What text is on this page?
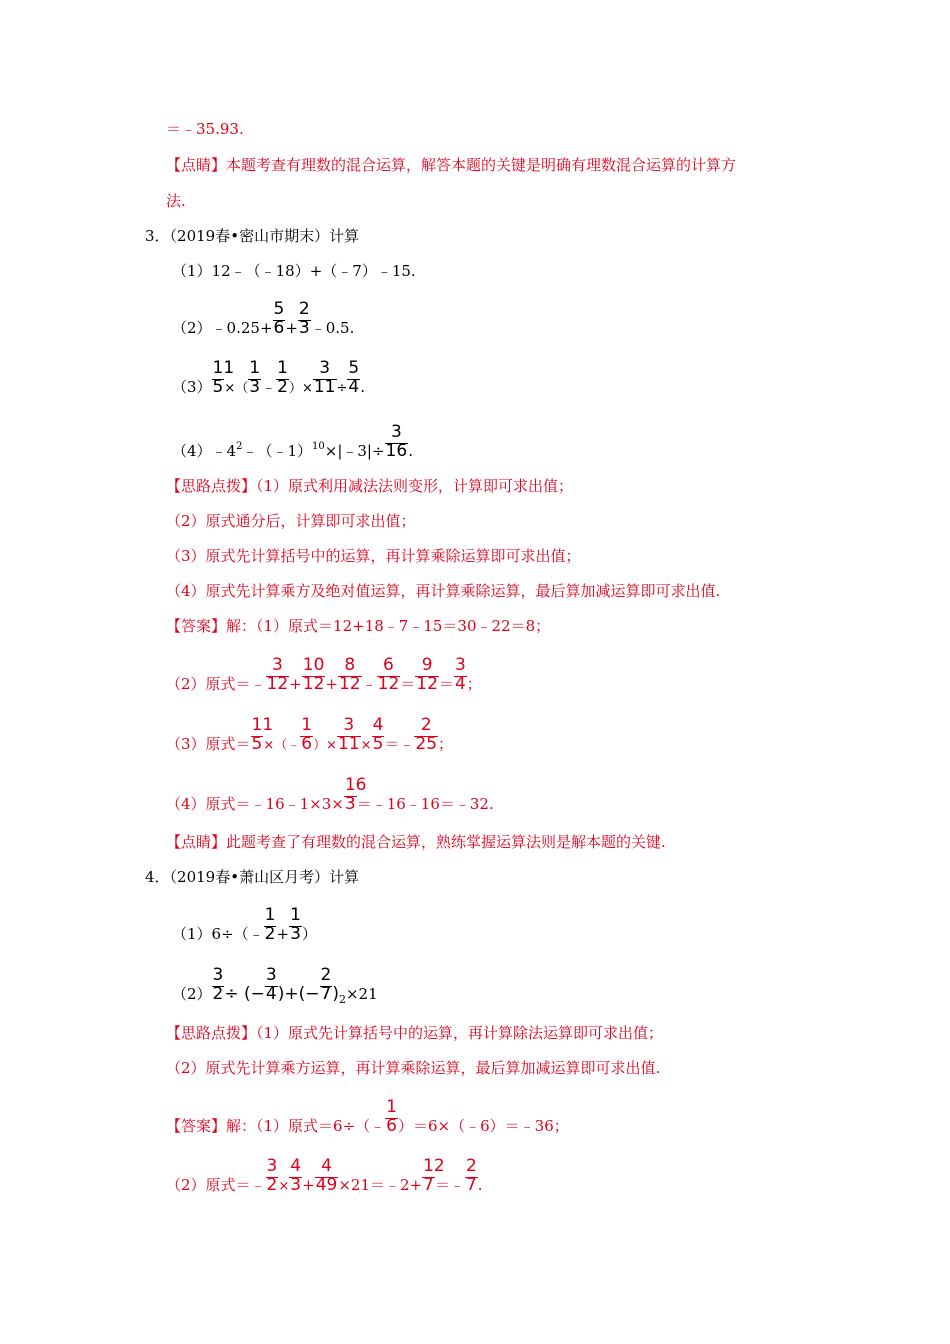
＝﹣35.93.
【点睛】本题考查有理数的混合运算，解答本题的关键是明确有理数混合运算的计算方
法.
3．（2019春•密山市期末）计算
（1）12﹣（﹣18）+（﹣7）﹣15.
（2）﹣0.25+ $\frac{5}{6}+$ $\frac{2}{3}﹣0.5$.
$(3) \frac{11}{5}\times$（ $\frac{1}{3}﹣ \frac{1}{2})\times \frac{3}{11}\div \frac{5}{4}$.
$(4)﹣4^2﹣(﹣1)^{10}\times|﹣3|\div \frac{3}{16}$.
【思路点拨】（1）原式利用减法法则变形，计算即可求出值；
（2）原式通分后，计算即可求出值；
（3）原式先计算括号中的运算，再计算乘除运算即可求出值；
（4）原式先计算乘方及绝对值运算，再计算乘除运算，最后算加减运算即可求出值.
【答案】解：（1）原式＝12+18﹣7﹣15＝30﹣22＝8；
（2）原式＝﹣ $\frac{3}{12}+ \frac{10}{12}+$ $\frac{8}{12}﹣ \frac{6}{12}= \frac{9}{12}= \frac{3}{4}$；
（3）原式＝ $\frac{11}{5}\times(﹣ \frac{1}{6})\times \frac{3}{11}\times$ $\frac{4}{5}=﹣ \frac{2}{25}$；
（4）原式＝﹣16﹣1×3× $\frac{16}{3}=﹣16﹣16=﹣32$.
【点睛】此题考查了有理数的混合运算，熟练掌握运算法则是解本题的关键.
4．（2019春•萧山区月考）计算
（1）6÷（﹣ $\frac{1}{2}+ \frac{1}{3}$）
$(2) \frac{3}{2}\div$ (− $\frac{3}{4})+(- \frac{2}{7})_2\times 21$
【思路点拨】（1）原式先计算括号中的运算，再计算除法运算即可求出值；
（2）原式先计算乘方运算，再计算乘除运算，最后算加减运算即可求出值.
【答案】解：（1）原式＝6÷（﹣ $\frac{1}{6})=6\times(﹣6)=﹣36$；
（2）原式＝﹣ $\frac{3}{2}\times \frac{4}{3}+$ $\frac{4}{49}\times 21=﹣2+$ $\frac{12}{7}=﹣ \frac{2}{7}$.
